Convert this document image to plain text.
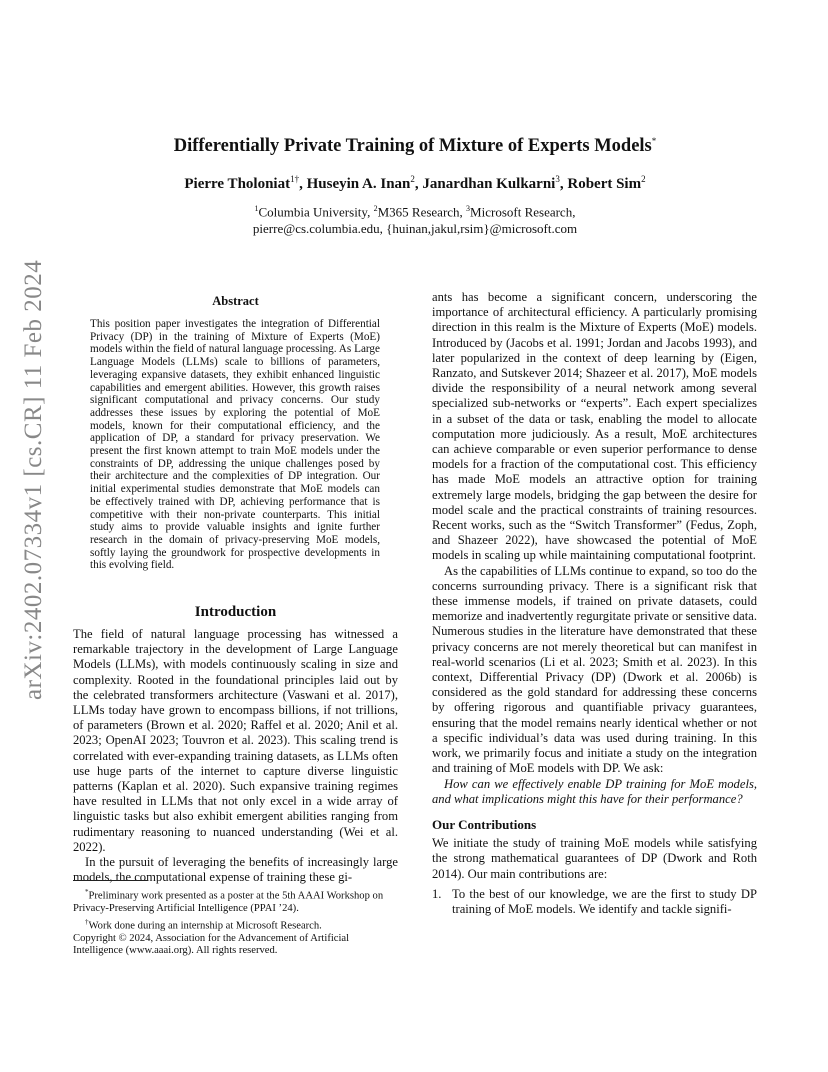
arXiv:2402.07334v1 [cs.CR] 11 Feb 2024
Differentially Private Training of Mixture of Experts Models*
Pierre Tholoniat$^{1\dagger}$, Huseyin A. Inan$^2$, Janardhan Kulkarni$^3$, Robert Sim$^2$
$^1$Columbia University, $^2$M365 Research, $^3$Microsoft Research,
pierre@cs.columbia.edu, {huinan,jakul,rsim}@microsoft.com
Abstract
This position paper investigates the integration of Differential Privacy (DP) in the training of Mixture of Experts (MoE) models within the field of natural language processing. As Large Language Models (LLMs) scale to billions of parameters, leveraging expansive datasets, they exhibit enhanced linguistic capabilities and emergent abilities. However, this growth raises significant computational and privacy concerns. Our study addresses these issues by exploring the potential of MoE models, known for their computational efficiency, and the application of DP, a standard for privacy preservation. We present the first known attempt to train MoE models under the constraints of DP, addressing the unique challenges posed by their architecture and the complexities of DP integration. Our initial experimental studies demonstrate that MoE models can be effectively trained with DP, achieving performance that is competitive with their non-private counterparts. This initial study aims to provide valuable insights and ignite further research in the domain of privacy-preserving MoE models, softly laying the groundwork for prospective developments in this evolving field.
Introduction

The field of natural language processing has witnessed a remarkable trajectory in the development of Large Language Models (LLMs), with models continuously scaling in size and complexity. Rooted in the foundational principles laid out by the celebrated transformers architecture (Vaswani et al. 2017), LLMs today have grown to encompass billions, if not trillions, of parameters (Brown et al. 2020; Raffel et al. 2020; Anil et al. 2023; OpenAI 2023; Touvron et al. 2023). This scaling trend is correlated with ever-expanding training datasets, as LLMs often use huge parts of the internet to capture diverse linguistic patterns (Kaplan et al. 2020). Such expansive training regimes have resulted in LLMs that not only excel in a wide array of linguistic tasks but also exhibit emergent abilities ranging from rudimentary reasoning to nuanced understanding (Wei et al. 2022).

In the pursuit of leveraging the benefits of increasingly large models, the computational expense of training these gi-

*Preliminary work presented as a poster at the 5th AAAI Workshop on Privacy-Preserving Artificial Intelligence (PPAI ’24).

†Work done during an internship at Microsoft Research.

Copyright © 2024, Association for the Advancement of Artificial Intelligence (www.aaai.org). All rights reserved.

ants has become a significant concern, underscoring the importance of architectural efficiency. A particularly promising direction in this realm is the Mixture of Experts (MoE) models. Introduced by (Jacobs et al. 1991; Jordan and Jacobs 1993), and later popularized in the context of deep learning by (Eigen, Ranzato, and Sutskever 2014; Shazeer et al. 2017), MoE models divide the responsibility of a neural network among several specialized sub-networks or “experts”. Each expert specializes in a subset of the data or task, enabling the model to allocate computation more judiciously. As a result, MoE architectures can achieve comparable or even superior performance to dense models for a fraction of the computational cost. This efficiency has made MoE models an attractive option for training extremely large models, bridging the gap between the desire for model scale and the practical constraints of training resources. Recent works, such as the “Switch Transformer” (Fedus, Zoph, and Shazeer 2022), have showcased the potential of MoE models in scaling up while maintaining computational footprint.

As the capabilities of LLMs continue to expand, so too do the concerns surrounding privacy. There is a significant risk that these immense models, if trained on private datasets, could memorize and inadvertently regurgitate private or sensitive data. Numerous studies in the literature have demonstrated that these privacy concerns are not merely theoretical but can manifest in real-world scenarios (Li et al. 2023; Smith et al. 2023). In this context, Differential Privacy (DP) (Dwork et al. 2006b) is considered as the gold standard for addressing these concerns by offering rigorous and quantifiable privacy guarantees, ensuring that the model remains nearly identical whether or not a specific individual’s data was used during training. In this work, we primarily focus and initiate a study on the integration and training of MoE models with DP. We ask:

How can we effectively enable DP training for MoE models, and what implications might this have for their performance?

Our Contributions

We initiate the study of training MoE models while satisfying the strong mathematical guarantees of DP (Dwork and Roth 2014). Our main contributions are:

1. To the best of our knowledge, we are the first to study DP training of MoE models. We identify and tackle signifi-
